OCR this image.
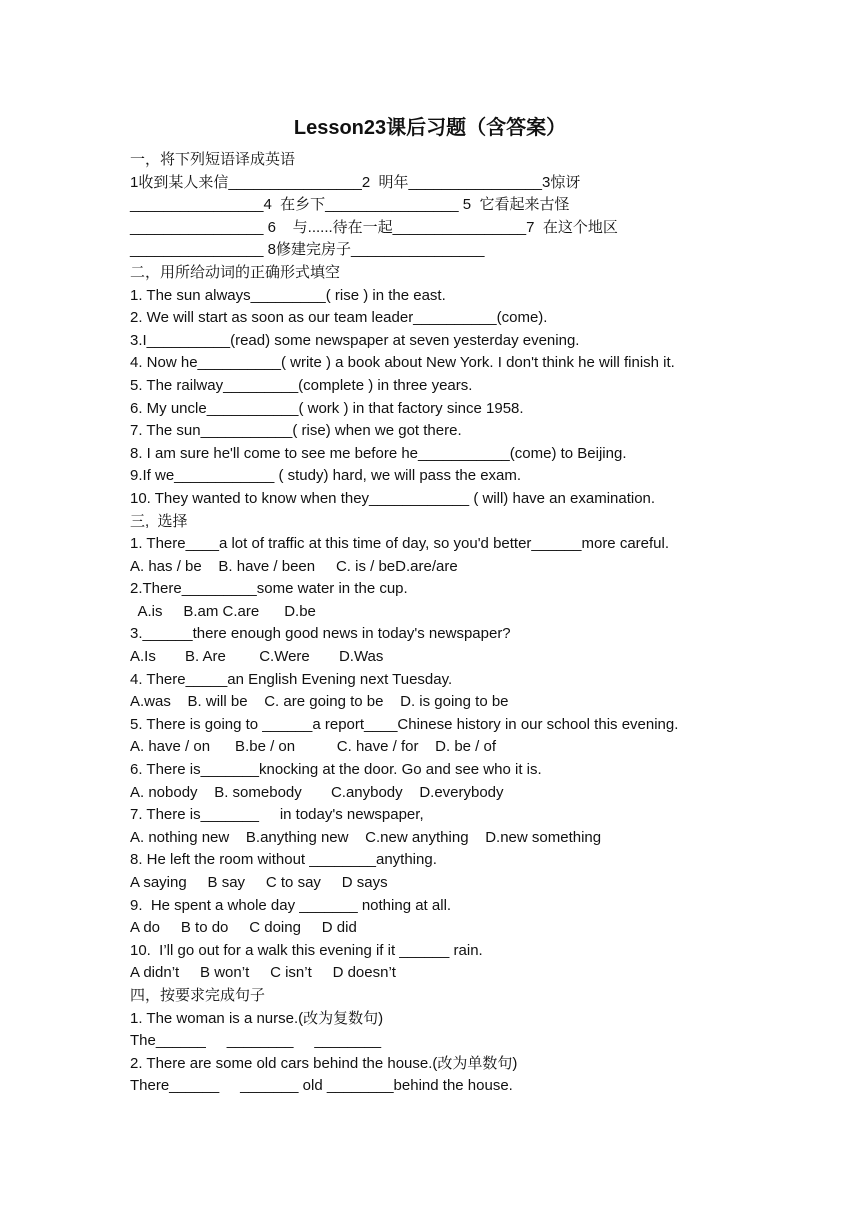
Lesson23课后习题（含答案）
一，将下列短语译成英语
1收到某人来信________________2  明年________________3惊讶
________________4  在乡下________________ 5  它看起来古怪
________________ 6    与......待在一起________________7  在这个地区
________________ 8修建完房子________________
二，用所给动词的正确形式填空
1. The sun always_________( rise ) in the east.
2. We will start as soon as our team leader__________(come).
3.I__________(read) some newspaper at seven yesterday evening.
4. Now he__________( write ) a book about New York. I don't think he will finish it.
5. The railway_________(complete ) in three years.
6. My uncle___________( work ) in that factory since 1958.
7. The sun___________( rise) when we got there.
8. I am sure he'll come to see me before he___________(come) to Beijing.
9.If we____________ ( study) hard, we will pass the exam.
10. They wanted to know when they____________ ( will) have an examination.
三,  选择
1. There____a lot of traffic at this time of day, so you'd better______more careful.
A. has / be    B. have / been     C. is / beD.are/are
2.There_________some water in the cup.
A.is     B.am C.are      D.be
3.______there enough good news in today's newspaper?
A.Is       B. Are        C.Were       D.Was
4. There_____an English Evening next Tuesday.
A.was    B. will be    C. are going to be    D. is going to be
5. There is going to ______a report____Chinese history in our school this evening.
A. have / on      B.be / on          C. have / for    D. be / of
6. There is_______knocking at the door. Go and see who it is.
A. nobody    B. somebody       C.anybody    D.everybody
7. There is_______     in today's newspaper,
A. nothing new    B.anything new    C.new anything    D.new something
8. He left the room without ________anything.
A saying     B say     C to say     D says
9.  He spent a whole day _______ nothing at all.
A do     B to do     C doing     D did
10.  I’ll go out for a walk this evening if it ______ rain.
A didn’t     B won’t     C isn’t     D doesn’t
四，按要求完成句子
1. The woman is a nurse.(改为复数句)
The______     ________     ________
2. There are some old cars behind the house.(改为单数句)
There______     _______ old ________behind the house.
